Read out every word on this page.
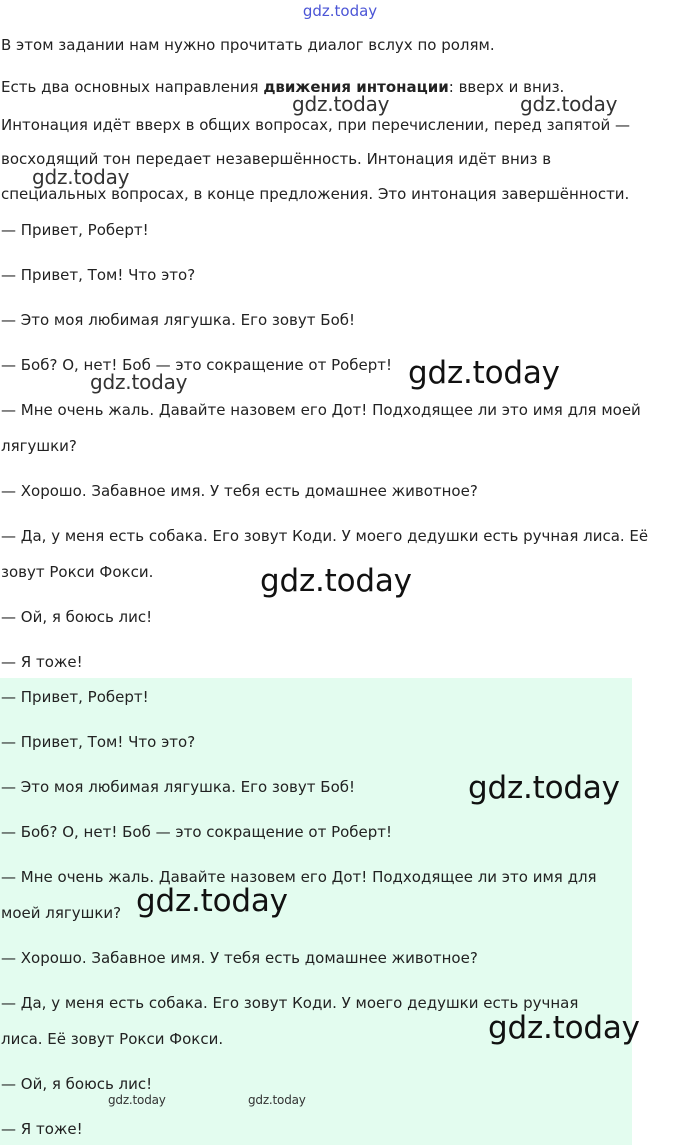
gdz.today

В этом задании нам нужно прочитать диалог вслух по ролям.

Есть два основных направления движения интонации: вверх и вниз.

Интонация идёт вверх в общих вопросах, при перечислении, перед запятой —

восходящий тон передает незавершённость. Интонация идёт вниз в

специальных вопросах, в конце предложения. Это интонация завершённости.

— Привет, Роберт!

— Привет, Том! Что это?

— Это моя любимая лягушка. Его зовут Боб!

— Боб? О, нет! Боб — это сокращение от Роберт!

— Мне очень жаль. Давайте назовем его Дот! Подходящее ли это имя для моей

лягушки?

— Хорошо. Забавное имя. У тебя есть домашнее животное?

— Да, у меня есть собака. Его зовут Коди. У моего дедушки есть ручная лиса. Её

зовут Рокси Фокси.

— Ой, я боюсь лис!

— Я тоже!

— Привет, Роберт!

— Привет, Том! Что это?

— Это моя любимая лягушка. Его зовут Боб!

— Боб? О, нет! Боб — это сокращение от Роберт!

— Мне очень жаль. Давайте назовем его Дот! Подходящее ли это имя для

моей лягушки?

— Хорошо. Забавное имя. У тебя есть домашнее животное?

— Да, у меня есть собака. Его зовут Коди. У моего дедушки есть ручная

лиса. Её зовут Рокси Фокси.

— Ой, я боюсь лис!

— Я тоже!

gdz.today	gdz.today
gdz.today
gdz.today	gdz.today
gdz.today
gdz.today
gdz.today
gdz.today
gdz.today	gdz.today
